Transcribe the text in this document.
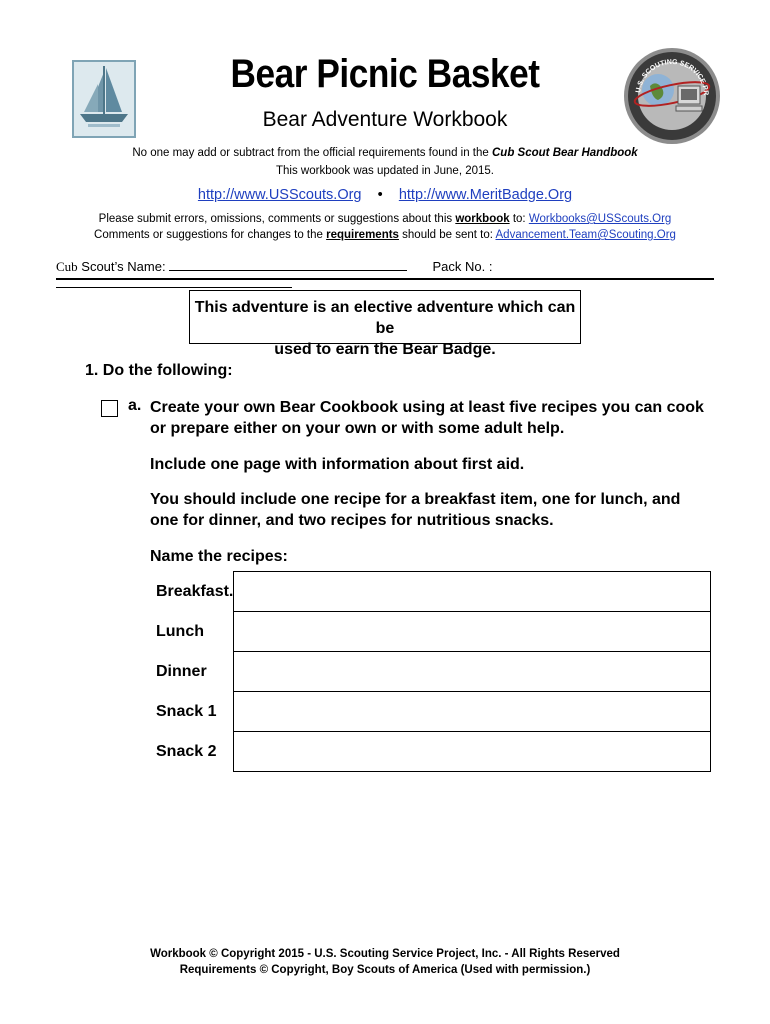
Bear Picnic Basket
Bear Adventure Workbook
U.S. SCOUTING SERVICE PR
No one may add or subtract from the official requirements found in the Cub Scout Bear Handbook
This workbook was updated in June, 2015.
http://www.USScouts.Org • http://www.MeritBadge.Org
Please submit errors, omissions, comments or suggestions about this workbook to: Workbooks@USScouts.Org
Comments or suggestions for changes to the requirements should be sent to: Advancement.Team@Scouting.Org
Cub Scout’s Name:	Pack No. :
This adventure is an elective adventure which can be
used to earn the Bear Badge.
1. Do the following:
a. Create your own Bear Cookbook using at least five recipes you can cook or prepare either on your own or with some adult help.
Include one page with information about first aid.
You should include one recipe for a breakfast item, one for lunch, and one for dinner, and two recipes for nutritious snacks.
Name the recipes:
Breakfast.	
Lunch	
Dinner	
Snack 1	
Snack 2	
Workbook © Copyright 2015 - U.S. Scouting Service Project, Inc. - All Rights Reserved
Requirements © Copyright, Boy Scouts of America (Used with permission.)
